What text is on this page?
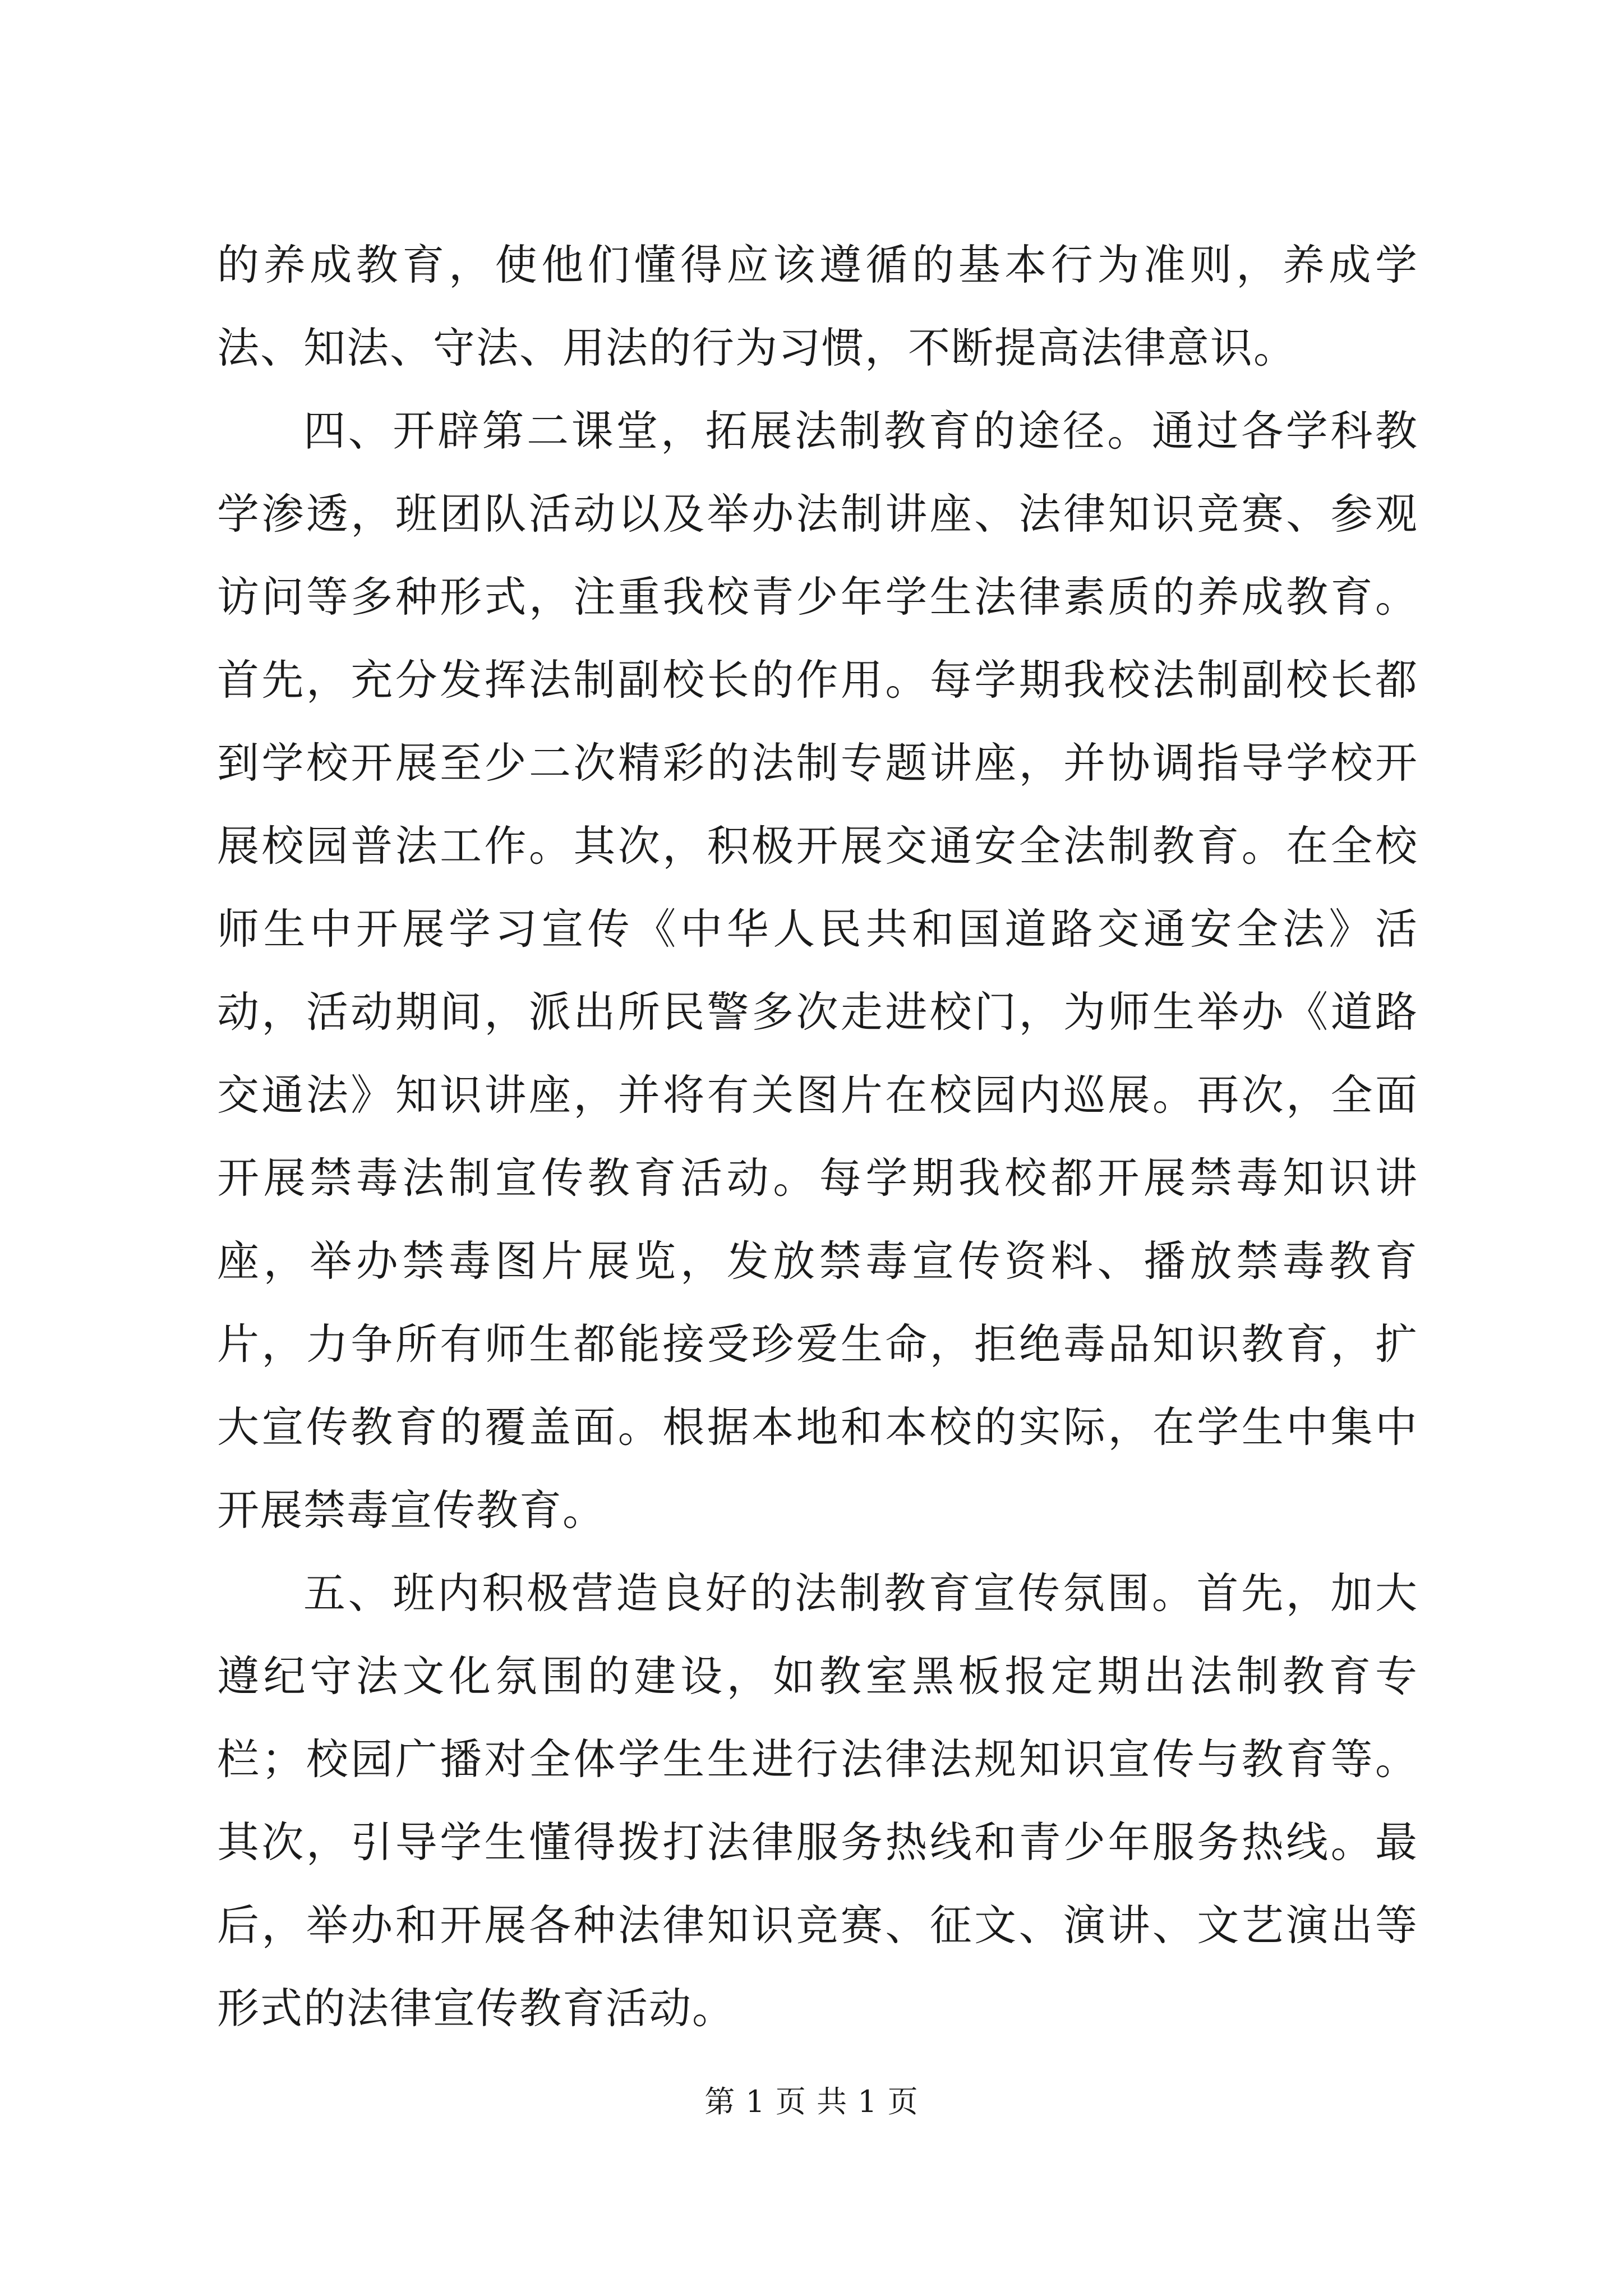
的养成教育，使他们懂得应该遵循的基本行为准则，养成学法、知法、守法、用法的行为习惯，不断提高法律意识。

四、开辟第二课堂，拓展法制教育的途径。通过各学科教学渗透，班团队活动以及举办法制讲座、法律知识竞赛、参观访问等多种形式，注重我校青少年学生法律素质的养成教育。首先，充分发挥法制副校长的作用。每学期我校法制副校长都到学校开展至少二次精彩的法制专题讲座，并协调指导学校开展校园普法工作。其次，积极开展交通安全法制教育。在全校师生中开展学习宣传《中华人民共和国道路交通安全法》活动，活动期间，派出所民警多次走进校门，为师生举办《道路交通法》知识讲座，并将有关图片在校园内巡展。再次，全面开展禁毒法制宣传教育活动。每学期我校都开展禁毒知识讲座，举办禁毒图片展览，发放禁毒宣传资料、播放禁毒教育片，力争所有师生都能接受珍爱生命，拒绝毒品知识教育，扩大宣传教育的覆盖面。根据本地和本校的实际，在学生中集中开展禁毒宣传教育。

五、班内积极营造良好的法制教育宣传氛围。首先，加大遵纪守法文化氛围的建设，如教室黑板报定期出法制教育专栏；校园广播对全体学生生进行法律法规知识宣传与教育等。其次，引导学生懂得拨打法律服务热线和青少年服务热线。最后，举办和开展各种法律知识竞赛、征文、演讲、文艺演出等形式的法律宣传教育活动。

第 1 页 共 1 页
